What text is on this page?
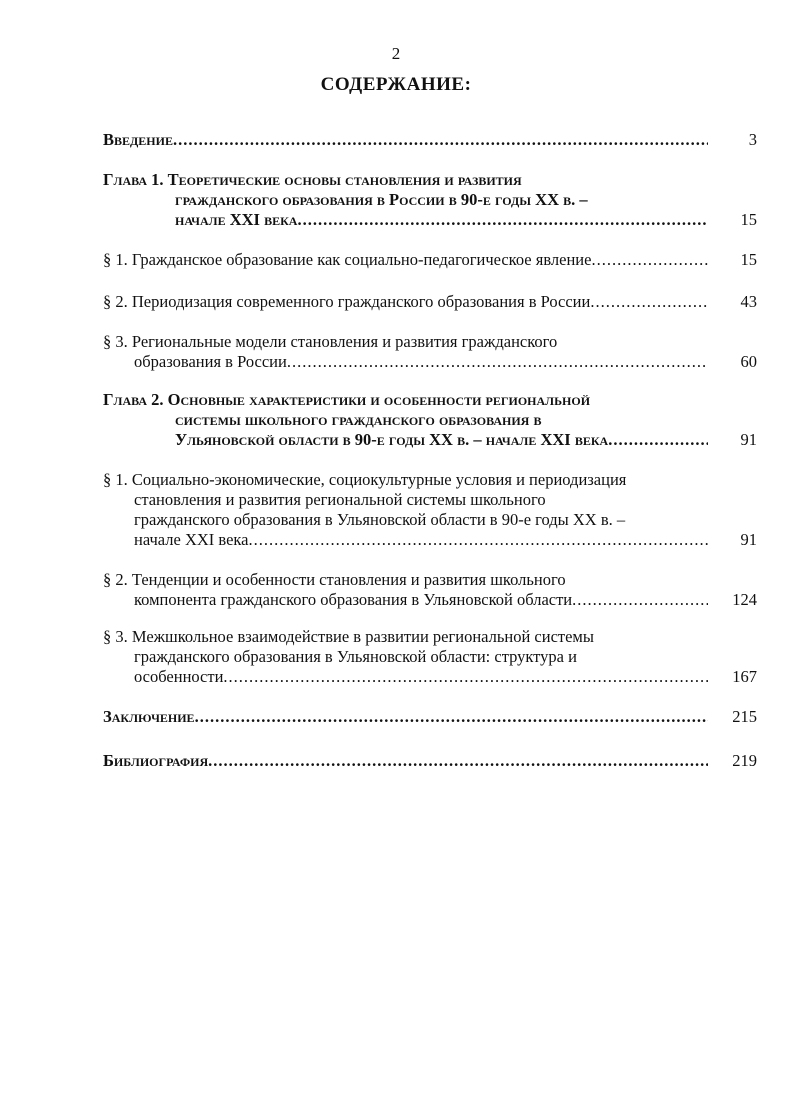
2
СОДЕРЖАНИЕ:
Введение .....	3
Глава 1. Теоретические основы становления и развития
гражданского образования в России в 90-е годы XX в. –
начале XXI века .....	15
§ 1. Гражданское образование как социально-педагогическое явление .....	15
§ 2. Периодизация современного гражданского образования в России .....	43
§ 3. Региональные модели становления и развития гражданского
образования в России .....	60
Глава 2. Основные характеристики и особенности региональной
системы школьного гражданского образования в
Ульяновской области в 90-е годы XX в. – начале XXI века .....	91
§ 1. Социально-экономические, социокультурные условия и периодизация
становления и развития региональной системы школьного
гражданского образования в Ульяновской области в 90-е годы XX в. –
начале XXI века .....	91
§ 2. Тенденции и особенности становления и развития школьного
компонента гражданского образования в Ульяновской области .....	124
§ 3. Межшкольное взаимодействие в развитии региональной системы
гражданского образования в Ульяновской области: структура и
особенности .....	167
Заключение .....	215
Библиография .....	219
